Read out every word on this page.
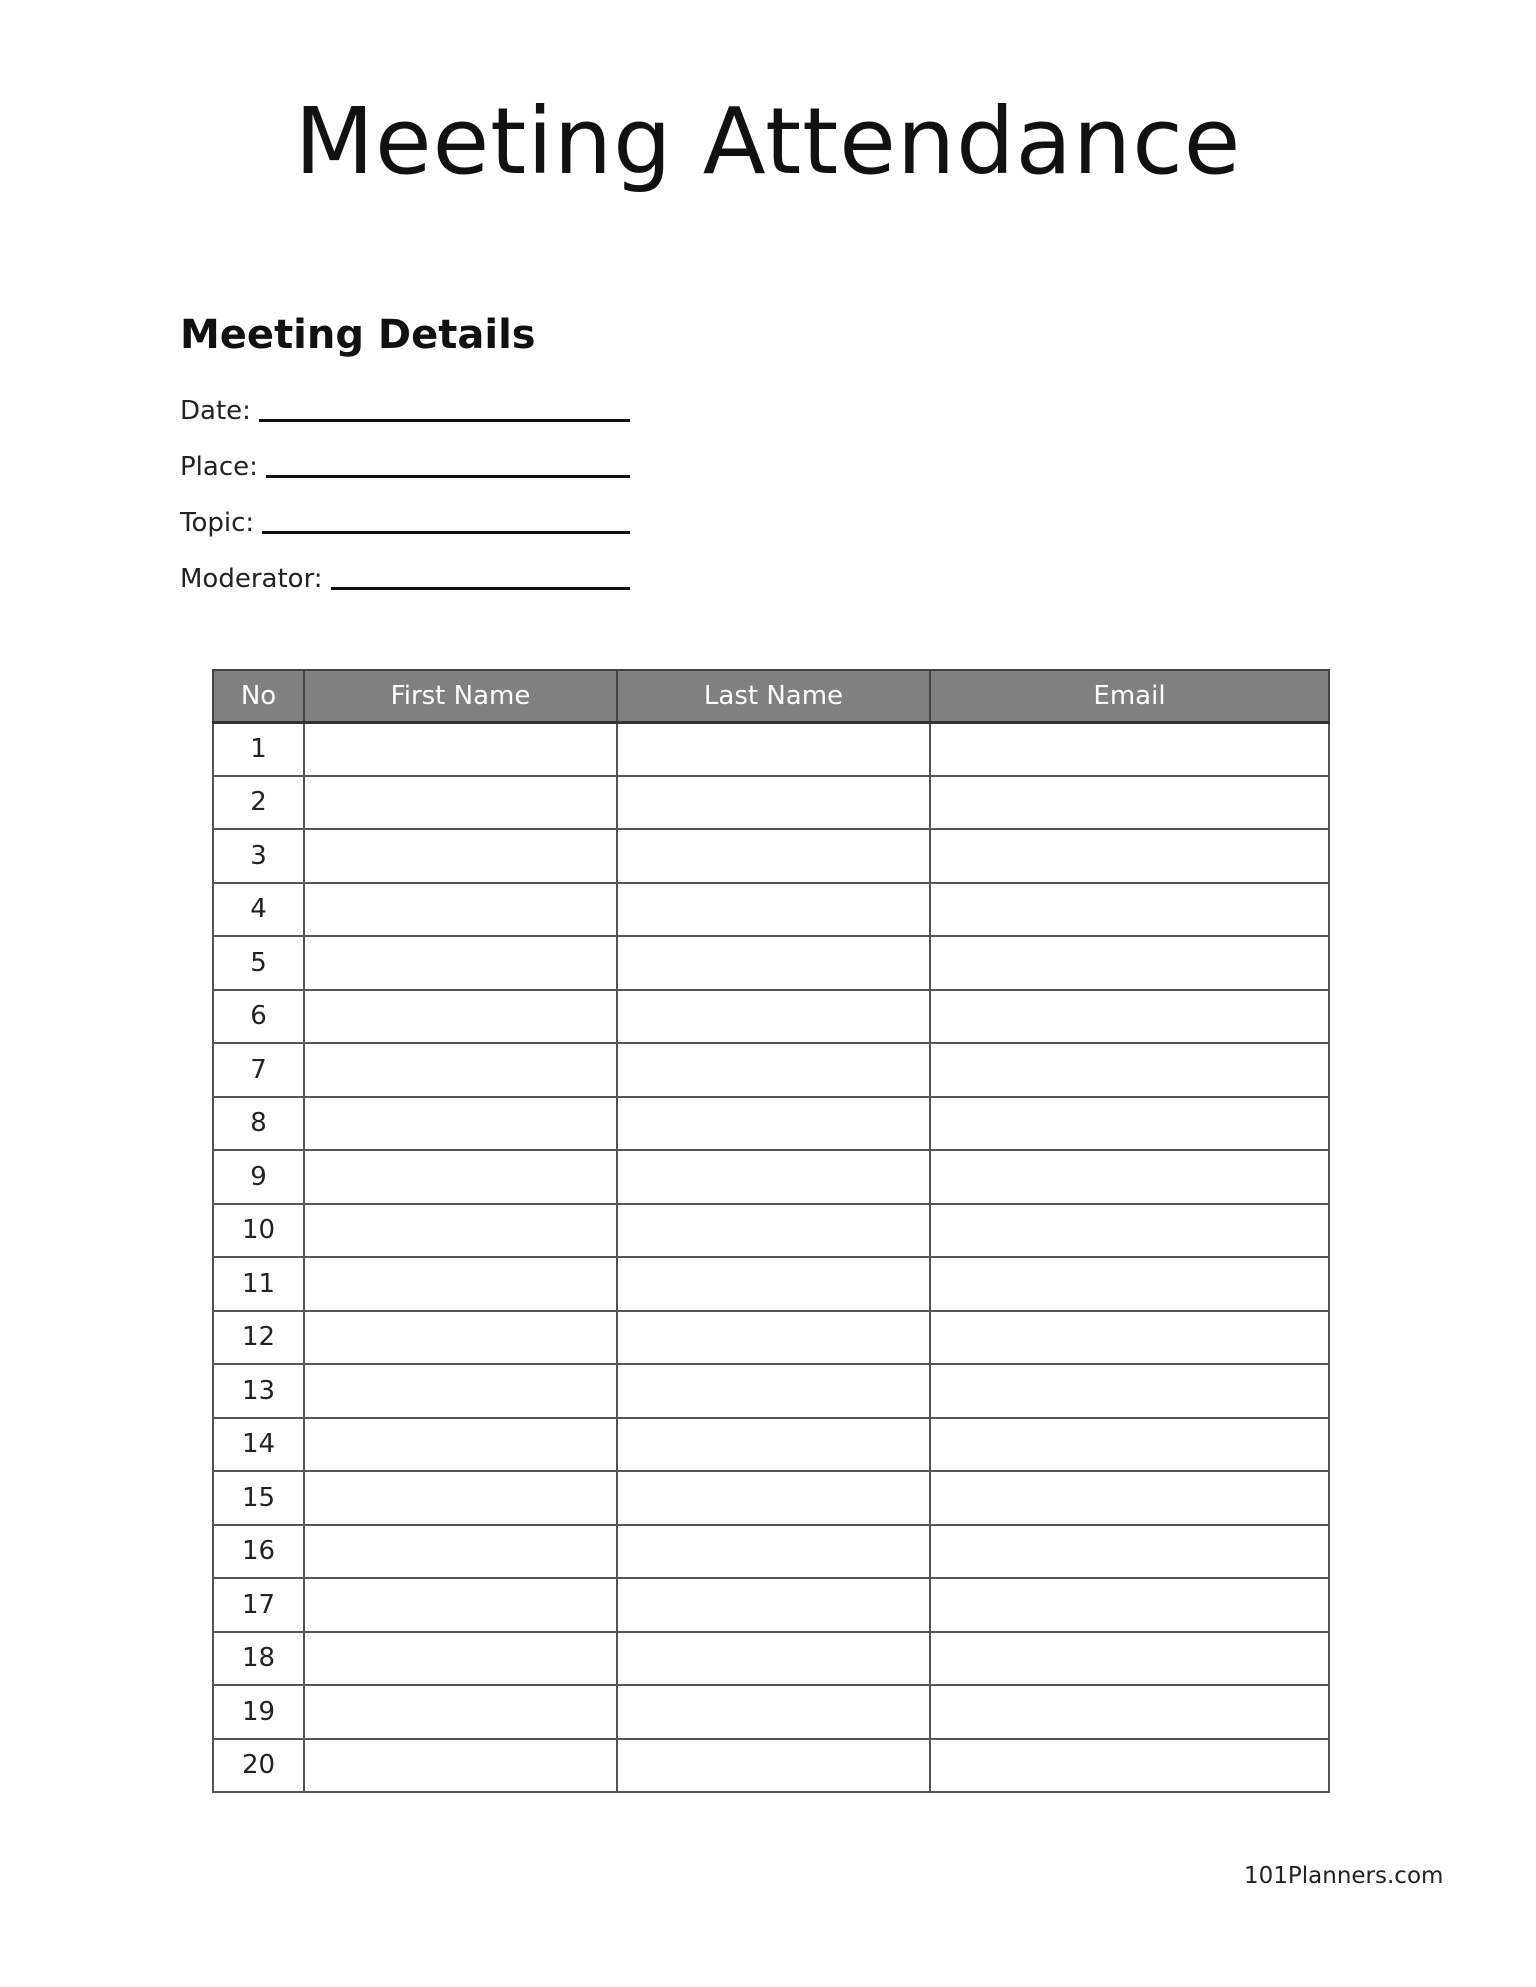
Meeting Attendance
Meeting Details
Date:
Place:
Topic:
Moderator:
No	First Name	Last Name	Email
1			
2			
3			
4			
5			
6			
7			
8			
9			
10			
11			
12			
13			
14			
15			
16			
17			
18			
19			
20			
101Planners.com
